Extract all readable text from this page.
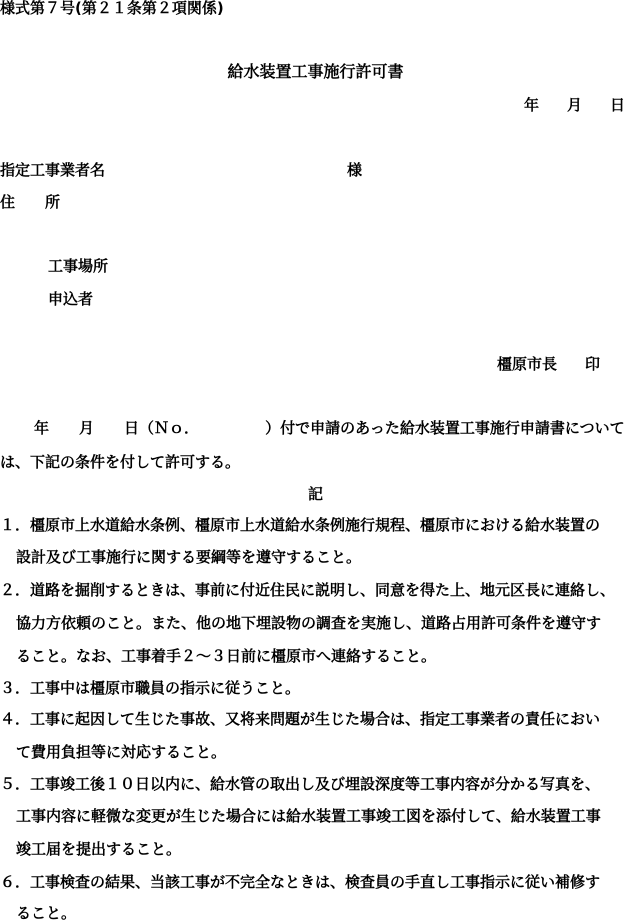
様式第７号(第２１条第２項関係)
給水装置工事施行許可書
年 月 日
指定工事業者名	様
住 所
工事場所
申込者
橿原市長 印
年 月 日（Ｎｏ．	）付で申請のあった給水装置工事施行申請書について
は、下記の条件を付して許可する。
記
１．橿原市上水道給水条例、橿原市上水道給水条例施行規程、橿原市における給水装置の
設計及び工事施行に関する要綱等を遵守すること。
２．道路を掘削するときは、事前に付近住民に説明し、同意を得た上、地元区長に連絡し、
協力方依頼のこと。また、他の地下埋設物の調査を実施し、道路占用許可条件を遵守す
ること。なお、工事着手２～３日前に橿原市へ連絡すること。
３．工事中は橿原市職員の指示に従うこと。
４．工事に起因して生じた事故、又将来問題が生じた場合は、指定工事業者の責任におい
て費用負担等に対応すること。
５．工事竣工後１０日以内に、給水管の取出し及び埋設深度等工事内容が分かる写真を、
工事内容に軽微な変更が生じた場合には給水装置工事竣工図を添付して、給水装置工事
竣工届を提出すること。
６．工事検査の結果、当該工事が不完全なときは、検査員の手直し工事指示に従い補修す
ること。
